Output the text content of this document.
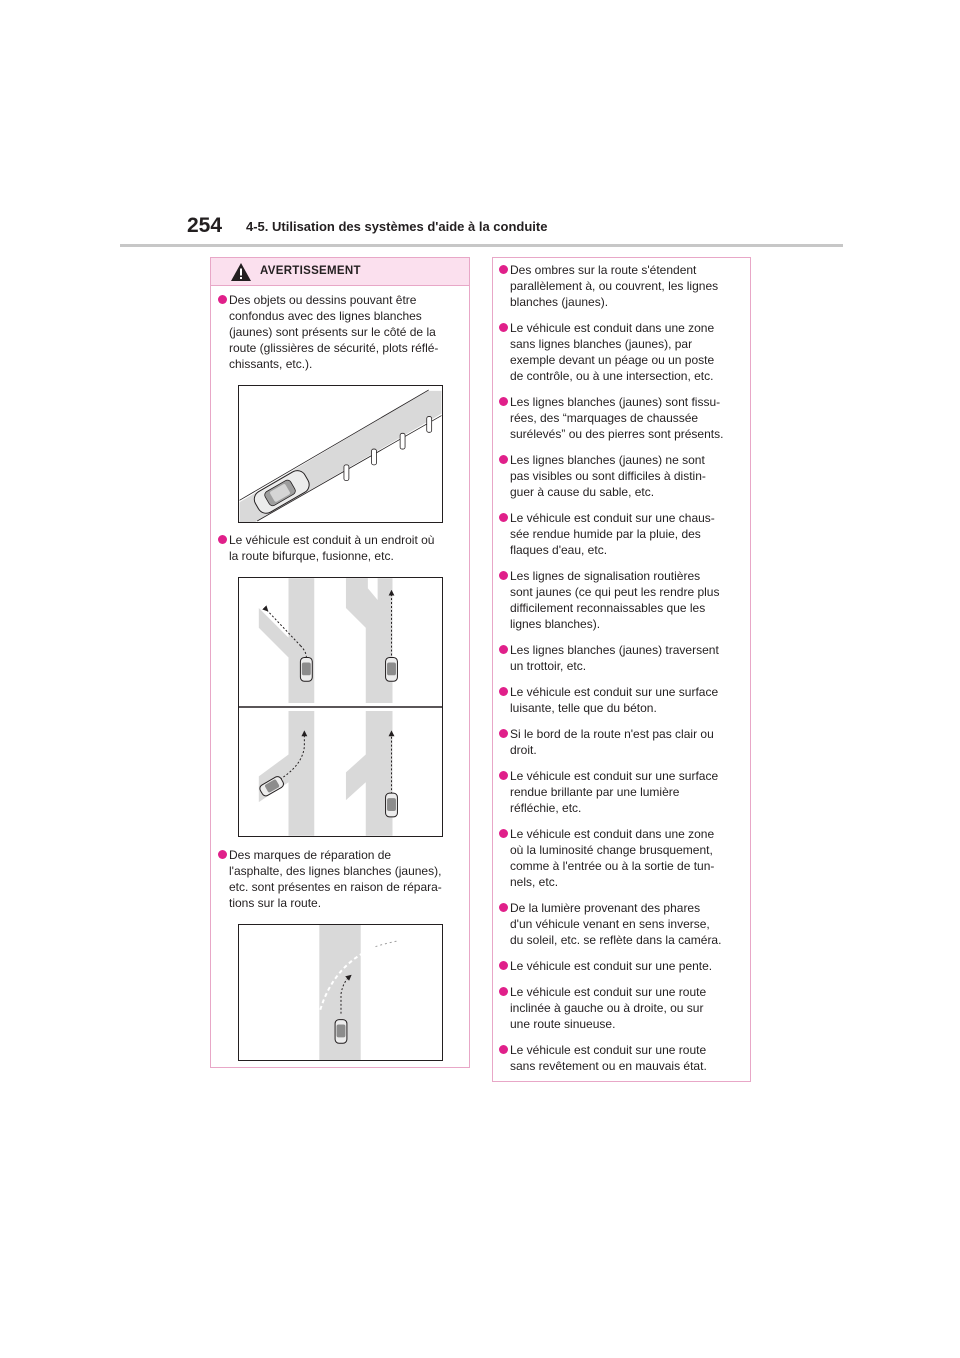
254 4-5. Utilisation des systèmes d'aide à la conduite
AVERTISSEMENT
Des objets ou dessins pouvant être
confondus avec des lignes blanches
(jaunes) sont présents sur le côté de la
route (glissières de sécurité, plots réflé-
chissants, etc.).
Le véhicule est conduit à un endroit où
la route bifurque, fusionne, etc.
Des marques de réparation de
l'asphalte, des lignes blanches (jaunes),
etc. sont présentes en raison de répara-
tions sur la route.
Des ombres sur la route s'étendent
parallèlement à, ou couvrent, les lignes
blanches (jaunes).
Le véhicule est conduit dans une zone
sans lignes blanches (jaunes), par
exemple devant un péage ou un poste
de contrôle, ou à une intersection, etc.
Les lignes blanches (jaunes) sont fissu-
rées, des “marquages de chaussée
surélevés” ou des pierres sont présents.
Les lignes blanches (jaunes) ne sont
pas visibles ou sont difficiles à distin-
guer à cause du sable, etc.
Le véhicule est conduit sur une chaus-
sée rendue humide par la pluie, des
flaques d'eau, etc.
Les lignes de signalisation routières
sont jaunes (ce qui peut les rendre plus
difficilement reconnaissables que les
lignes blanches).
Les lignes blanches (jaunes) traversent
un trottoir, etc.
Le véhicule est conduit sur une surface
luisante, telle que du béton.
Si le bord de la route n'est pas clair ou
droit.
Le véhicule est conduit sur une surface
rendue brillante par une lumière
réfléchie, etc.
Le véhicule est conduit dans une zone
où la luminosité change brusquement,
comme à l'entrée ou à la sortie de tun-
nels, etc.
De la lumière provenant des phares
d'un véhicule venant en sens inverse,
du soleil, etc. se reflète dans la caméra.
Le véhicule est conduit sur une pente.
Le véhicule est conduit sur une route
inclinée à gauche ou à droite, ou sur
une route sinueuse.
Le véhicule est conduit sur une route
sans revêtement ou en mauvais état.
